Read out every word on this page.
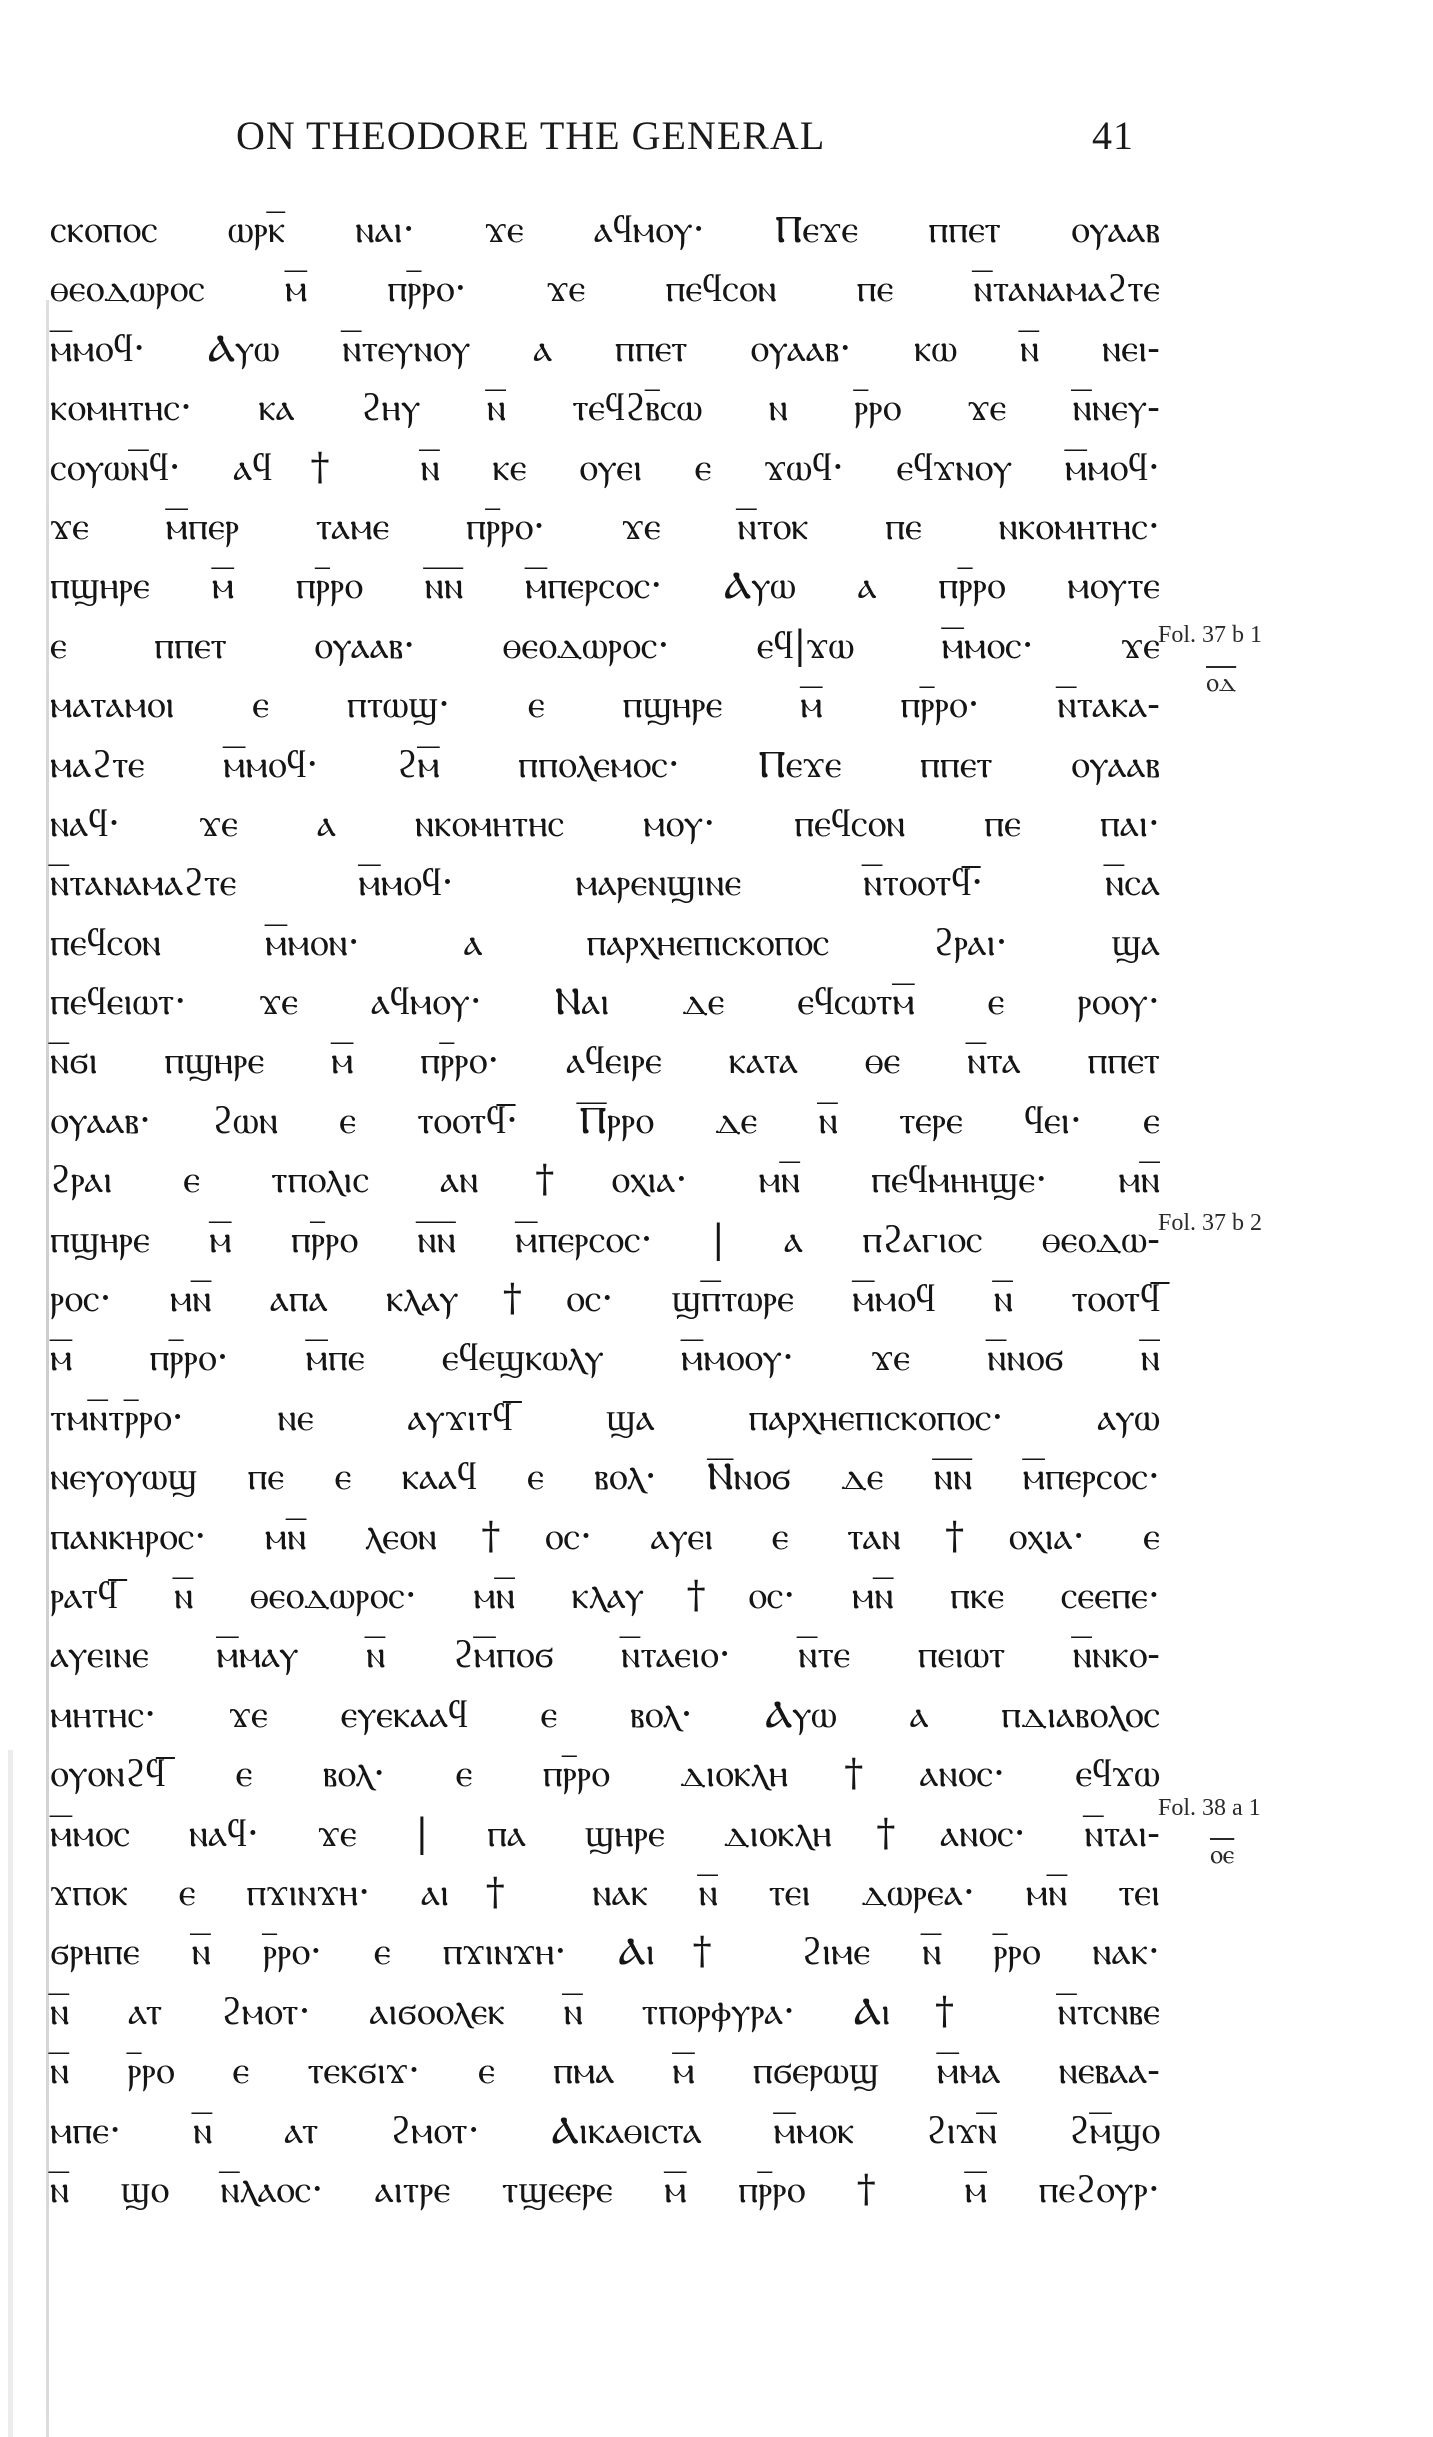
ON THEODORE THE GENERAL	41
ⲥⲕⲟⲡⲟⲥ ⲱⲣⲕ̅ ⲛⲁⲓ· ϫⲉ ⲁϥⲙⲟⲩ· Ⲡⲉϫⲉ ⲡⲡⲉⲧ ⲟⲩⲁⲁⲃ
ⲑⲉⲟⲇⲱⲣⲟⲥ ⲙ̅ ⲡⲣ̅ⲣⲟ· ϫⲉ ⲡⲉϥⲥⲟⲛ ⲡⲉ ⲛ̅ⲧⲁⲛⲁⲙⲁϩⲧⲉ
ⲙ̅ⲙⲟϥ· Ⲁⲩⲱ ⲛ̅ⲧⲉⲩⲛⲟⲩ ⲁ ⲡⲡⲉⲧ ⲟⲩⲁⲁⲃ· ⲕⲱ ⲛ̅ ⲛⲉⲓ-
ⲕⲟⲙⲏⲧⲏⲥ· ⲕⲁ ϩⲏⲩ ⲛ̅ ⲧⲉϥϩⲃ̅ⲥⲱ ⲛ ⲣ̅ⲣⲟ ϫⲉ ⲛ̅ⲛⲉⲩ-
ⲥⲟⲩⲱⲛ̅ϥ· ⲁϥ† ⲛ̅ ⲕⲉ ⲟⲩⲉⲓ ⲉ ϫⲱϥ· ⲉϥϫⲛⲟⲩ ⲙ̅ⲙⲟϥ·
ϫⲉ ⲙ̅ⲡⲉⲣ ⲧⲁⲙⲉ ⲡⲣ̅ⲣⲟ· ϫⲉ ⲛ̅ⲧⲟⲕ ⲡⲉ ⲛⲕⲟⲙⲏⲧⲏⲥ·
ⲡϣⲏⲣⲉ ⲙ̅ ⲡⲣ̅ⲣⲟ ⲛ̅ⲛ̅ ⲙ̅ⲡⲉⲣⲥⲟⲥ· Ⲁⲩⲱ ⲁ ⲡⲣ̅ⲣⲟ ⲙⲟⲩⲧⲉ
ⲉ ⲡⲡⲉⲧ ⲟⲩⲁⲁⲃ· ⲑⲉⲟⲇⲱⲣⲟⲥ· ⲉϥ|ϫⲱ ⲙ̅ⲙⲟⲥ· ϫⲉ
ⲙⲁⲧⲁⲙⲟⲓ ⲉ ⲡⲧⲱϣ· ⲉ ⲡϣⲏⲣⲉ ⲙ̅ ⲡⲣ̅ⲣⲟ· ⲛ̅ⲧⲁⲕⲁ-
ⲙⲁϩⲧⲉ ⲙ̅ⲙⲟϥ· ϩⲙ̅ ⲡⲡⲟⲗⲉⲙⲟⲥ· Ⲡⲉϫⲉ ⲡⲡⲉⲧ ⲟⲩⲁⲁⲃ
ⲛⲁϥ· ϫⲉ ⲁ ⲛⲕⲟⲙⲏⲧⲏⲥ ⲙⲟⲩ· ⲡⲉϥⲥⲟⲛ ⲡⲉ ⲡⲁⲓ·
ⲛ̅ⲧⲁⲛⲁⲙⲁϩⲧⲉ ⲙ̅ⲙⲟϥ· ⲙⲁⲣⲉⲛϣⲓⲛⲉ ⲛ̅ⲧⲟⲟⲧϥ̅· ⲛ̅ⲥⲁ
ⲡⲉϥⲥⲟⲛ ⲙ̅ⲙⲟⲛ· ⲁ ⲡⲁⲣⲭⲏⲉⲡⲓⲥⲕⲟⲡⲟⲥ ϩⲣⲁⲓ· ϣⲁ
ⲡⲉϥⲉⲓⲱⲧ· ϫⲉ ⲁϥⲙⲟⲩ· Ⲛⲁⲓ ⲇⲉ ⲉϥⲥⲱⲧⲙ̅ ⲉ ⲣⲟⲟⲩ·
ⲛ̅ϭⲓ ⲡϣⲏⲣⲉ ⲙ̅ ⲡⲣ̅ⲣⲟ· ⲁϥⲉⲓⲣⲉ ⲕⲁⲧⲁ ⲑⲉ ⲛ̅ⲧⲁ ⲡⲡⲉⲧ
ⲟⲩⲁⲁⲃ· ϩⲱⲛ ⲉ ⲧⲟⲟⲧϥ̅· Ⲡ̅ⲣⲣⲟ ⲇⲉ ⲛ̅ ⲧⲉⲣⲉ ϥⲉⲓ· ⲉ
ϩⲣⲁⲓ ⲉ ⲧⲡⲟⲗⲓⲥ ⲁⲛ†ⲟⲭⲓⲁ· ⲙⲛ̅ ⲡⲉϥⲙⲏⲏϣⲉ· ⲙⲛ̅
ⲡϣⲏⲣⲉ ⲙ̅ ⲡⲣ̅ⲣⲟ ⲛ̅ⲛ̅ ⲙ̅ⲡⲉⲣⲥⲟⲥ· | ⲁ ⲡϩⲁⲅⲓⲟⲥ ⲑⲉⲟⲇⲱ-
ⲣⲟⲥ· ⲙⲛ̅ ⲁⲡⲁ ⲕⲗⲁⲩ†ⲟⲥ· ϣⲡ̅ⲧⲱⲣⲉ ⲙ̅ⲙⲟϥ ⲛ̅ ⲧⲟⲟⲧϥ̅
ⲙ̅ ⲡⲣ̅ⲣⲟ· ⲙ̅ⲡⲉ ⲉϥⲉϣⲕⲱⲗⲩ ⲙ̅ⲙⲟⲟⲩ· ϫⲉ ⲛ̅ⲛⲟϭ ⲛ̅
ⲧⲙⲛ̅ⲧⲣ̅ⲣⲟ· ⲛⲉ ⲁⲩϫⲓⲧϥ̅ ϣⲁ ⲡⲁⲣⲭⲏⲉⲡⲓⲥⲕⲟⲡⲟⲥ· ⲁⲩⲱ
ⲛⲉⲩⲟⲩⲱϣ ⲡⲉ ⲉ ⲕⲁⲁϥ ⲉ ⲃⲟⲗ· Ⲛ̅ⲛⲟϭ ⲇⲉ ⲛ̅ⲛ̅ ⲙ̅ⲡⲉⲣⲥⲟⲥ·
ⲡⲁⲛⲕⲏⲣⲟⲥ· ⲙⲛ̅ ⲗⲉⲟⲛ†ⲟⲥ· ⲁⲩⲉⲓ ⲉ ⲧⲁⲛ†ⲟⲭⲓⲁ· ⲉ
ⲣⲁⲧϥ̅ ⲛ̅ ⲑⲉⲟⲇⲱⲣⲟⲥ· ⲙⲛ̅ ⲕⲗⲁⲩ†ⲟⲥ· ⲙⲛ̅ ⲡⲕⲉ ⲥⲉⲉⲡⲉ·
ⲁⲩⲉⲓⲛⲉ ⲙ̅ⲙⲁⲩ ⲛ̅ ϩⲙ̅ⲡⲟϭ ⲛ̅ⲧⲁⲉⲓⲟ· ⲛ̅ⲧⲉ ⲡⲉⲓⲱⲧ ⲛ̅ⲛⲕⲟ-
ⲙⲏⲧⲏⲥ· ϫⲉ ⲉⲩⲉⲕⲁⲁϥ ⲉ ⲃⲟⲗ· Ⲁⲩⲱ ⲁ ⲡⲇⲓⲁⲃⲟⲗⲟⲥ
ⲟⲩⲟⲛϩϥ̅ ⲉ ⲃⲟⲗ· ⲉ ⲡⲣ̅ⲣⲟ ⲇⲓⲟⲕⲗⲏ†ⲁⲛⲟⲥ· ⲉϥϫⲱ
ⲙ̅ⲙⲟⲥ ⲛⲁϥ· ϫⲉ | ⲡⲁ ϣⲏⲣⲉ ⲇⲓⲟⲕⲗⲏ†ⲁⲛⲟⲥ· ⲛ̅ⲧⲁⲓ-
ϫⲡⲟⲕ ⲉ ⲡϫⲓⲛϫⲏ· ⲁⲓ† ⲛⲁⲕ ⲛ̅ ⲧⲉⲓ ⲇⲱⲣⲉⲁ· ⲙⲛ̅ ⲧⲉⲓ
ϭⲣⲏⲡⲉ ⲛ̅ ⲣ̅ⲣⲟ· ⲉ ⲡϫⲓⲛϫⲏ· Ⲁⲓ† ϩⲓⲙⲉ ⲛ̅ ⲣ̅ⲣⲟ ⲛⲁⲕ·
ⲛ̅ ⲁⲧ ϩⲙⲟⲧ· ⲁⲓϭⲟⲟⲗⲉⲕ ⲛ̅ ⲧⲡⲟⲣⲫⲩⲣⲁ· Ⲁⲓ† ⲛ̅ⲧⲥⲛⲃⲉ
ⲛ̅ ⲣ̅ⲣⲟ ⲉ ⲧⲉⲕϭⲓϫ· ⲉ ⲡⲙⲁ ⲙ̅ ⲡϭⲉⲣⲱϣ ⲙ̅ⲙⲁ ⲛⲉⲃⲁⲁ-
ⲙⲡⲉ· ⲛ̅ ⲁⲧ ϩⲙⲟⲧ· Ⲁⲓⲕⲁⲑⲓⲥⲧⲁ ⲙ̅ⲙⲟⲕ ϩⲓϫⲛ̅ ϩⲙ̅ϣⲟ
ⲛ̅ ϣⲟ ⲛ̅ⲗⲁⲟⲥ· ⲁⲓⲧⲣⲉ ⲧϣⲉⲉⲣⲉ ⲙ̅ ⲡⲣ̅ⲣⲟ † ⲙ̅ ⲡⲉϩⲟⲩⲣ·
Fol. 37 b 1
ⲟⲇ
Fol. 37 b 2
Fol. 38 a 1
ⲟⲉ
